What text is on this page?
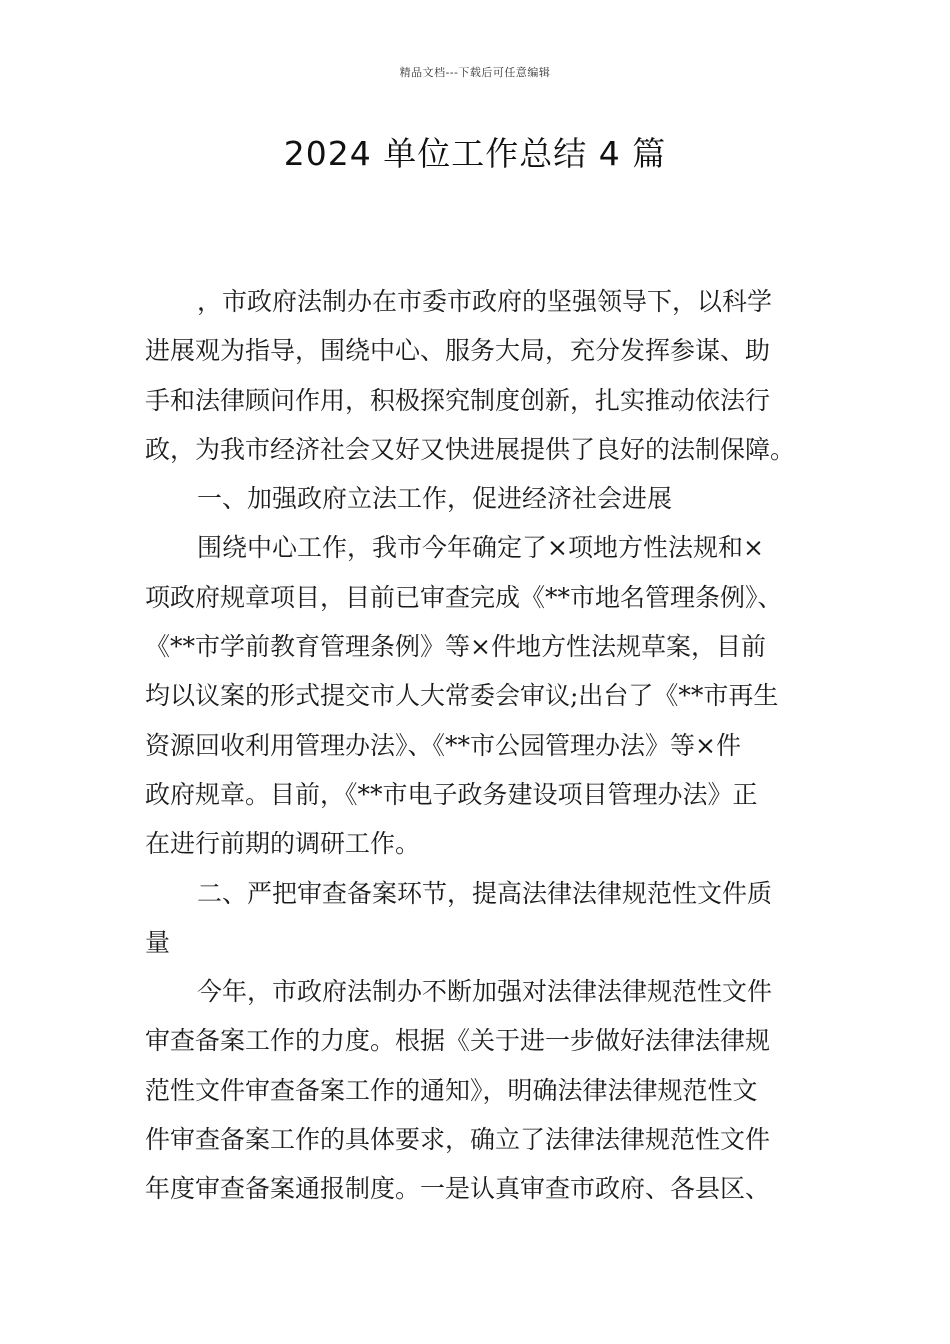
精品文档---下载后可任意编辑
2024 单位工作总结 4 篇
，市政府法制办在市委市政府的坚强领导下，以科学
进展观为指导，围绕中心、服务大局，充分发挥参谋、助
手和法律顾问作用，积极探究制度创新，扎实推动依法行
政，为我市经济社会又好又快进展提供了良好的法制保障。
一、加强政府立法工作，促进经济社会进展
围绕中心工作，我市今年确定了×项地方性法规和×
项政府规章项目，目前已审查完成《**市地名管理条例》、
《**市学前教育管理条例》等×件地方性法规草案，目前
均以议案的形式提交市人大常委会审议;出台了《**市再生
资源回收利用管理办法》、《**市公园管理办法》等×件
政府规章。目前，《**市电子政务建设项目管理办法》正
在进行前期的调研工作。
二、严把审查备案环节，提高法律法律规范性文件质
量
今年，市政府法制办不断加强对法律法律规范性文件
审查备案工作的力度。根据《关于进一步做好法律法律规
范性文件审查备案工作的通知》，明确法律法律规范性文
件审查备案工作的具体要求，确立了法律法律规范性文件
年度审查备案通报制度。一是认真审查市政府、各县区、
